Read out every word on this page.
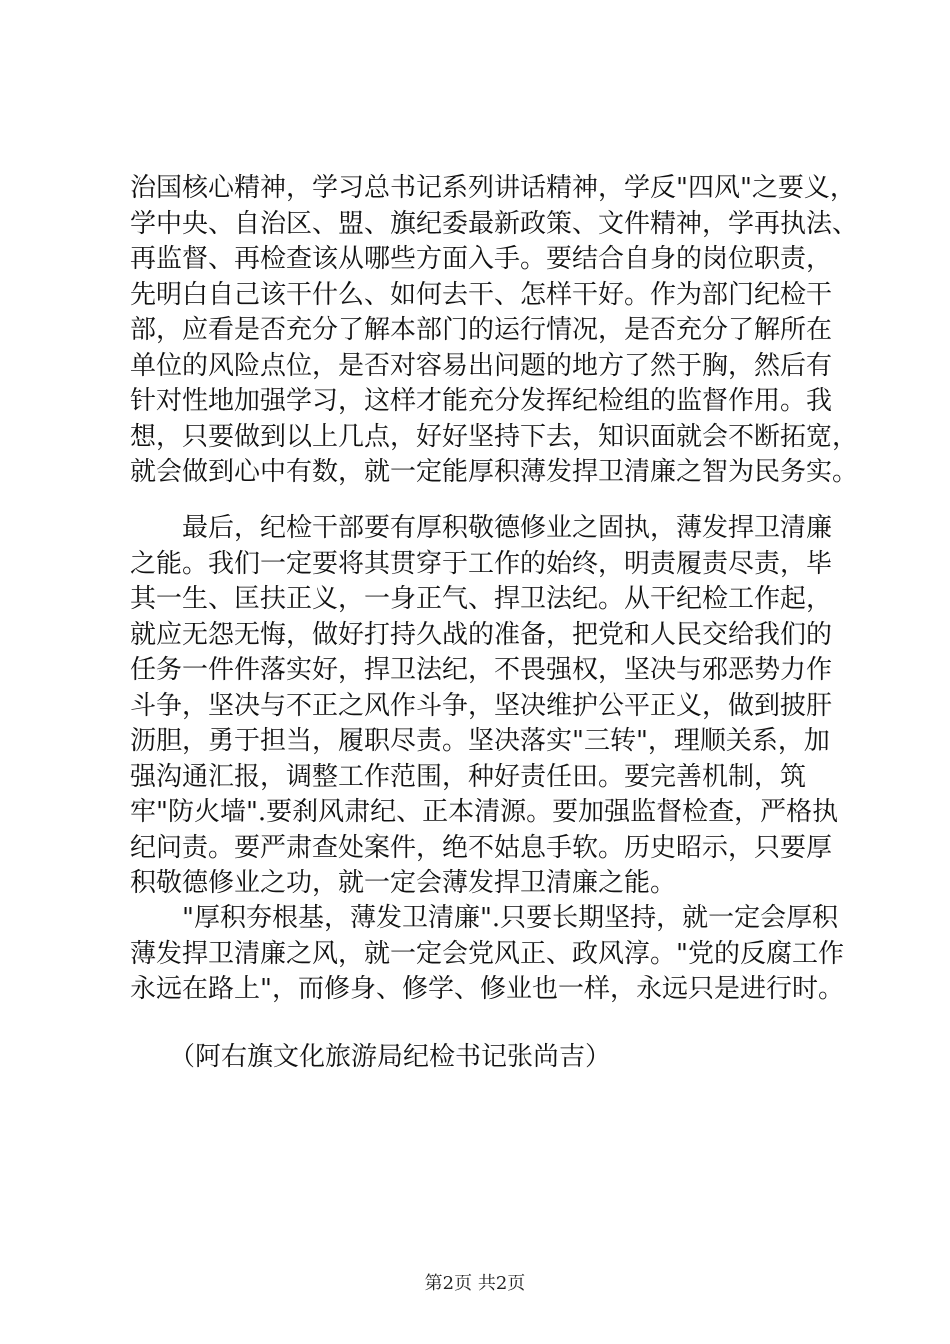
治国核心精神，学习总书记系列讲话精神，学反"四风"之要义，
学中央、自治区、盟、旗纪委最新政策、文件精神，学再执法、
再监督、再检查该从哪些方面入手。要结合自身的岗位职责，
先明白自己该干什么、如何去干、怎样干好。作为部门纪检干
部，应看是否充分了解本部门的运行情况，是否充分了解所在
单位的风险点位，是否对容易出问题的地方了然于胸，然后有
针对性地加强学习，这样才能充分发挥纪检组的监督作用。我
想，只要做到以上几点，好好坚持下去，知识面就会不断拓宽，
就会做到心中有数，就一定能厚积薄发捍卫清廉之智为民务实。
　　最后，纪检干部要有厚积敬德修业之固执，薄发捍卫清廉
之能。我们一定要将其贯穿于工作的始终，明责履责尽责，毕
其一生、匡扶正义，一身正气、捍卫法纪。从干纪检工作起，
就应无怨无悔，做好打持久战的准备，把党和人民交给我们的
任务一件件落实好，捍卫法纪，不畏强权，坚决与邪恶势力作
斗争，坚决与不正之风作斗争，坚决维护公平正义，做到披肝
沥胆，勇于担当，履职尽责。坚决落实"三转"，理顺关系，加
强沟通汇报，调整工作范围，种好责任田。要完善机制，筑
牢"防火墙".要刹风肃纪、正本清源。要加强监督检查，严格执
纪问责。要严肃查处案件，绝不姑息手软。历史昭示，只要厚
积敬德修业之功，就一定会薄发捍卫清廉之能。
　　"厚积夯根基，薄发卫清廉".只要长期坚持，就一定会厚积
薄发捍卫清廉之风，就一定会党风正、政风淳。"党的反腐工作
永远在路上"，而修身、修学、修业也一样，永远只是进行时。
　　（阿右旗文化旅游局纪检书记张尚吉）
第2页 共2页
